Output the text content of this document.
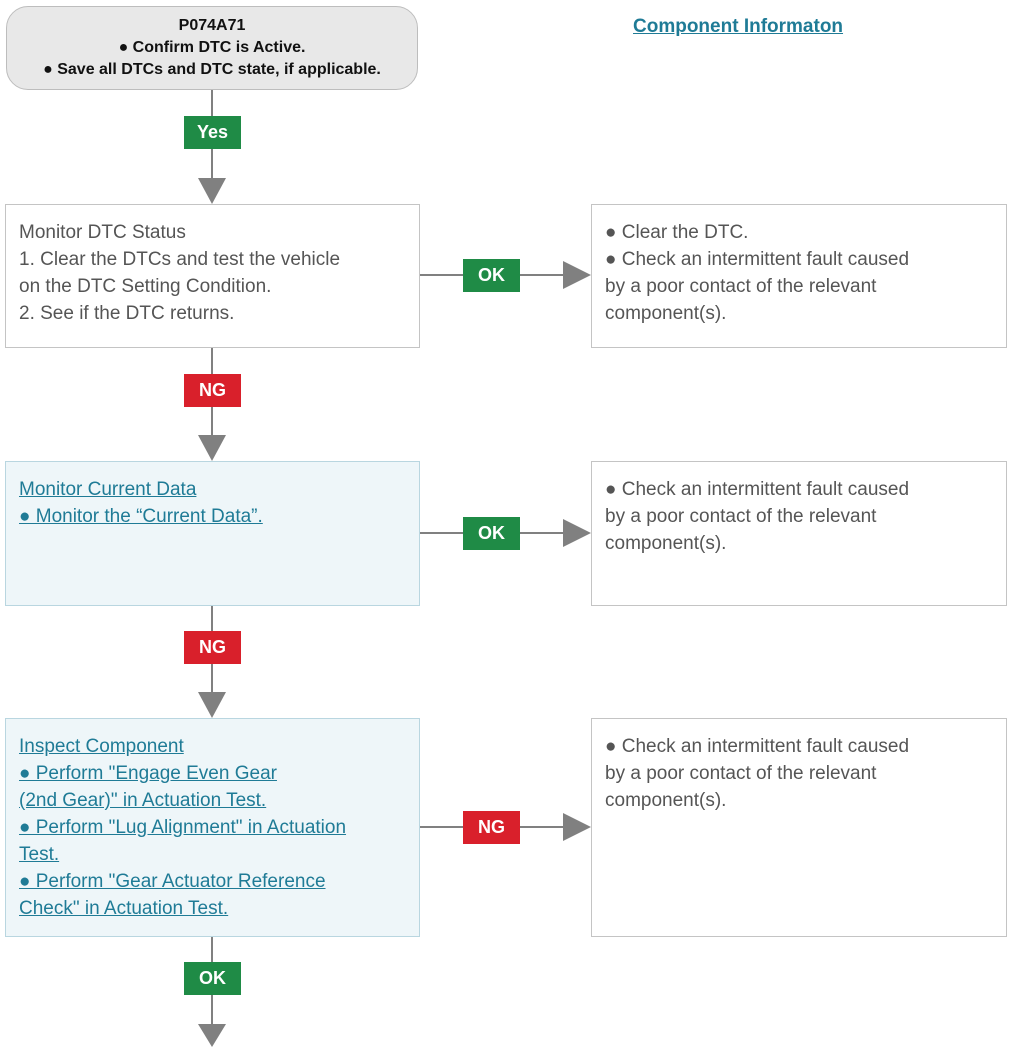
P074A71
● Confirm DTC is Active.
● Save all DTCs and DTC state, if applicable.
Component Informaton
Yes
OK
NG
OK
NG
NG
OK
Monitor DTC Status
1. Clear the DTCs and test the vehicle
on the DTC Setting Condition.
2. See if the DTC returns.
● Clear the DTC.
● Check an intermittent fault caused
by a poor contact of the relevant
component(s).
Monitor Current Data
● Monitor the “Current Data”.
● Check an intermittent fault caused
by a poor contact of the relevant
component(s).
Inspect Component
● Perform "Engage Even Gear
(2nd Gear)" in Actuation Test.
● Perform "Lug Alignment" in Actuation
Test.
● Perform "Gear Actuator Reference
Check" in Actuation Test.
● Check an intermittent fault caused
by a poor contact of the relevant
component(s).
